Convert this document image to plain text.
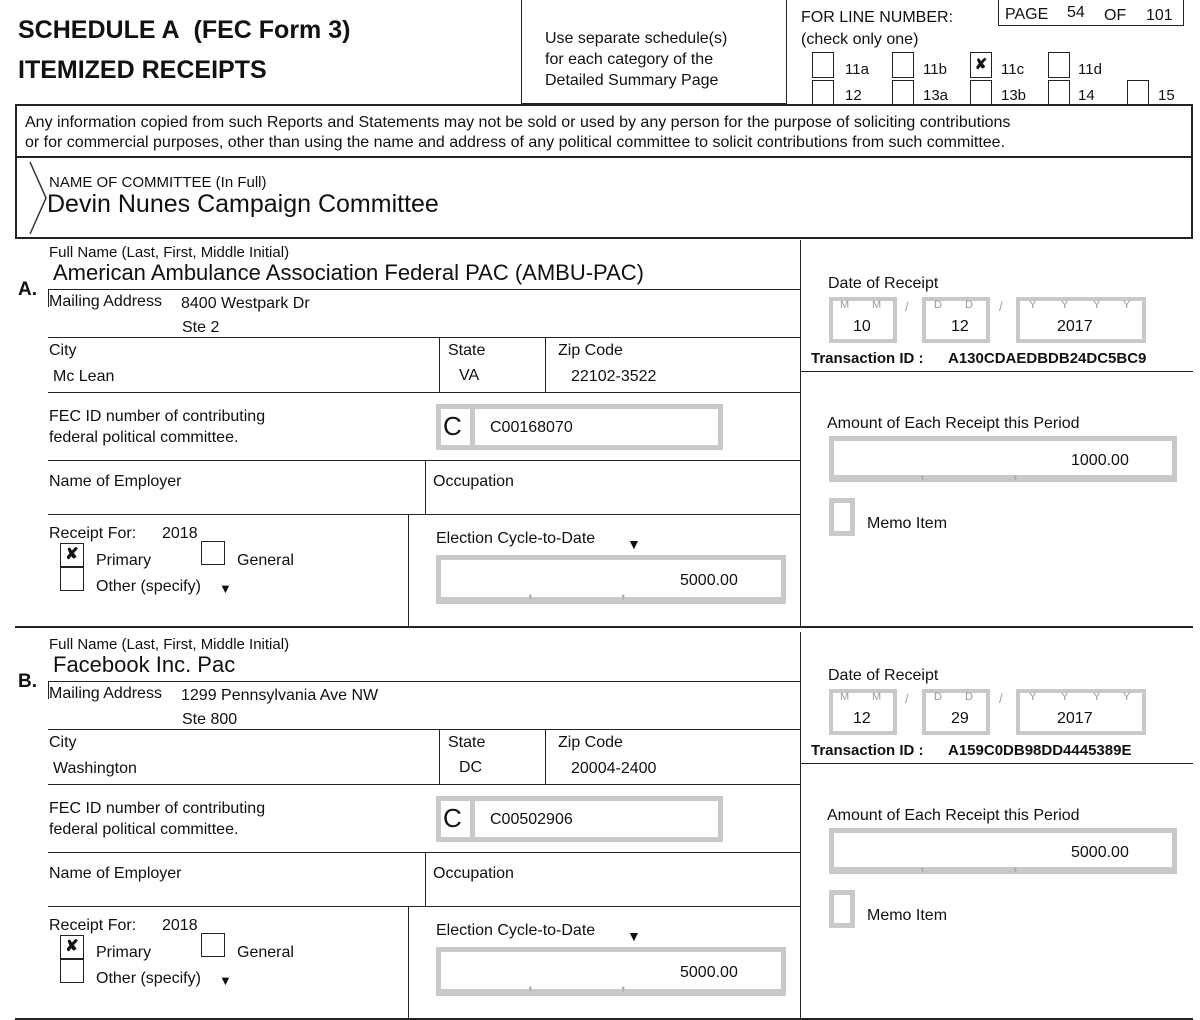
SCHEDULE A (FEC Form 3)
ITEMIZED RECEIPTS
Use separate schedule(s)
for each category of the
Detailed Summary Page
FOR LINE NUMBER:
(check only one)
PAGE 54 OF 101
11a	11b	✘ 11c	11d
12	13a	13b	14	15
Any information copied from such Reports and Statements may not be sold or used by any person for the purpose of soliciting contributions
or for commercial purposes, other than using the name and address of any political committee to solicit contributions from such committee.
NAME OF COMMITTEE (In Full)
Devin Nunes Campaign Committee
Full Name (Last, First, Middle Initial)
A.
American Ambulance Association Federal PAC (AMBU-PAC)
Mailing Address 8400 Westpark Dr
Ste 2
City
Mc Lean
State
VA
Zip Code
22102-3522
FEC ID number of contributing
federal political committee.	C C00168070
Name of Employer	Occupation
Receipt For: 2018
✘	Primary	General
Other (specify) ▼
Election Cycle-to-Date ▼
,	,
5000.00
Date of Receipt
M M
10
/ D D
12
/ Y Y Y Y
2017
Transaction ID : A130CDAEDBDB24DC5BC9
Amount of Each Receipt this Period
,	,
1000.00
Memo Item
Full Name (Last, First, Middle Initial)
B.
Facebook Inc. Pac
Mailing Address 1299 Pennsylvania Ave NW
Ste 800
City
Washington
State
DC
Zip Code
20004-2400
FEC ID number of contributing
federal political committee.	C C00502906
Name of Employer	Occupation
Receipt For: 2018
✘	Primary	General
Other (specify) ▼
Election Cycle-to-Date ▼
,	,
5000.00
Date of Receipt
M M
12
/ D D
29
/ Y Y Y Y
2017
Transaction ID : A159C0DB98DD4445389E
Amount of Each Receipt this Period
,	,
5000.00
Memo Item
